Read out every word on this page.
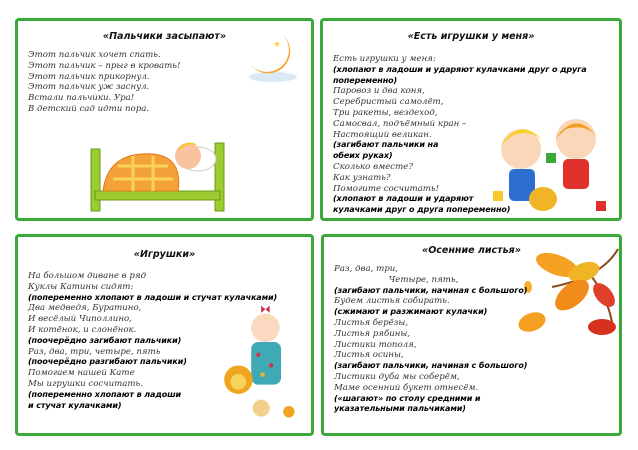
«Пальчики засыпают»
Этот пальчик хочет спать.
Этот пальчик – прыг в кровать!
Этот пальчик прикорнул.
Этот пальчик уж заснул.
Встали пальчики. Ура!
В детский сад идти пора.
★
«Есть игрушки у меня»
Есть игрушки у меня:
(хлопают в ладоши и ударяют кулачками друг о друга
попеременно)
Паровоз и два коня,
Серебристый самолёт,
Три ракеты, вездеход,
Самосвал, подъёмный кран –
Настоящий великан.
(загибают пальчики на
обеих руках)
Сколько вместе?
Как узнать?
Помогите сосчитать!
(хлопают в ладоши и ударяют
кулачками друг о друга попеременно)
«Игрушки»
На большом диване в ряд
Куклы Катины сидят:
(попеременно хлопают в ладоши и стучат кулачками)
Два медведя, Буратино,
И весёлый Чиполлино,
И котёнок, и слонёнок.
(поочерёдно загибают пальчики)
Раз, два, три, четыре, пять
(поочерёдно разгибают пальчики)
Помогаем нашей Кате
Мы игрушки сосчитать.
(попеременно хлопают в ладоши
и стучат кулачками)
«Осенние листья»
Раз, два, три,
Четыре, пять,
(загибают пальчики, начиная с большого)
Будем листья собирать.
(сжимают и разжимают кулачки)
Листья берёзы,
Листья рябины,
Листики тополя,
Листья осины,
(загибают пальчики, начиная с большого)
Листики дуба мы соберём,
Маме осенний букет отнесём.
(«шагают» по столу средними и
указательными пальчиками)
